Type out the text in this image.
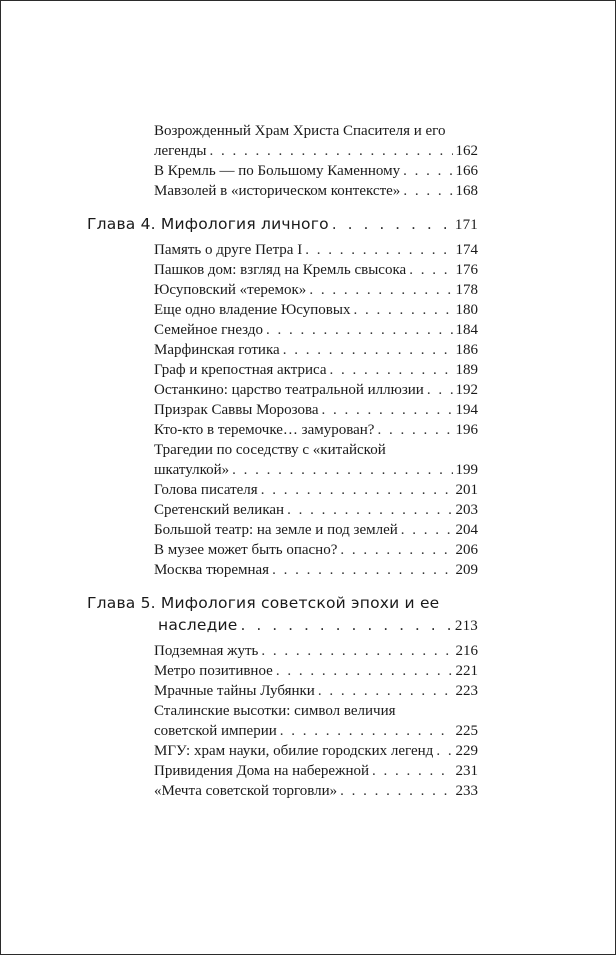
Возрожденный Храм Христа Спасителя и его
легенды . . .	162
В Кремль — по Большому Каменному . . .	166
Мавзолей в «историческом контексте» . . .	168
Глава 4. Мифология личного . . .	171
Память о друге Петра I . . .	174
Пашков дом: взгляд на Кремль свысока . . .	176
Юсуповский «теремок» . . .	178
Еще одно владение Юсуповых . . .	180
Семейное гнездо . . .	184
Марфинская готика . . .	186
Граф и крепостная актриса . . .	189
Останкино: царство театральной иллюзии . . . 192
Призрак Саввы Морозова . . .	194
Кто-кто в теремочке… замурован? . . .	196
Трагедии по соседству с «китайской
шкатулкой» . . .	199
Голова писателя . . .	201
Сретенский великан . . .	203
Большой театр: на земле и под землей . . .	204
В музее может быть опасно? . . .	206
Москва тюремная . . .	209
Глава 5. Мифология советской эпохи и ее
наследие . . .	213
Подземная жуть . . .	216
Метро позитивное . . .	221
Мрачные тайны Лубянки . . .	223
Сталинские высотки: символ величия
советской империи . . .	225
МГУ: храм науки, обилие городских легенд . . . 229
Привидения Дома на набережной . . .	231
«Мечта советской торговли» . . .	233
